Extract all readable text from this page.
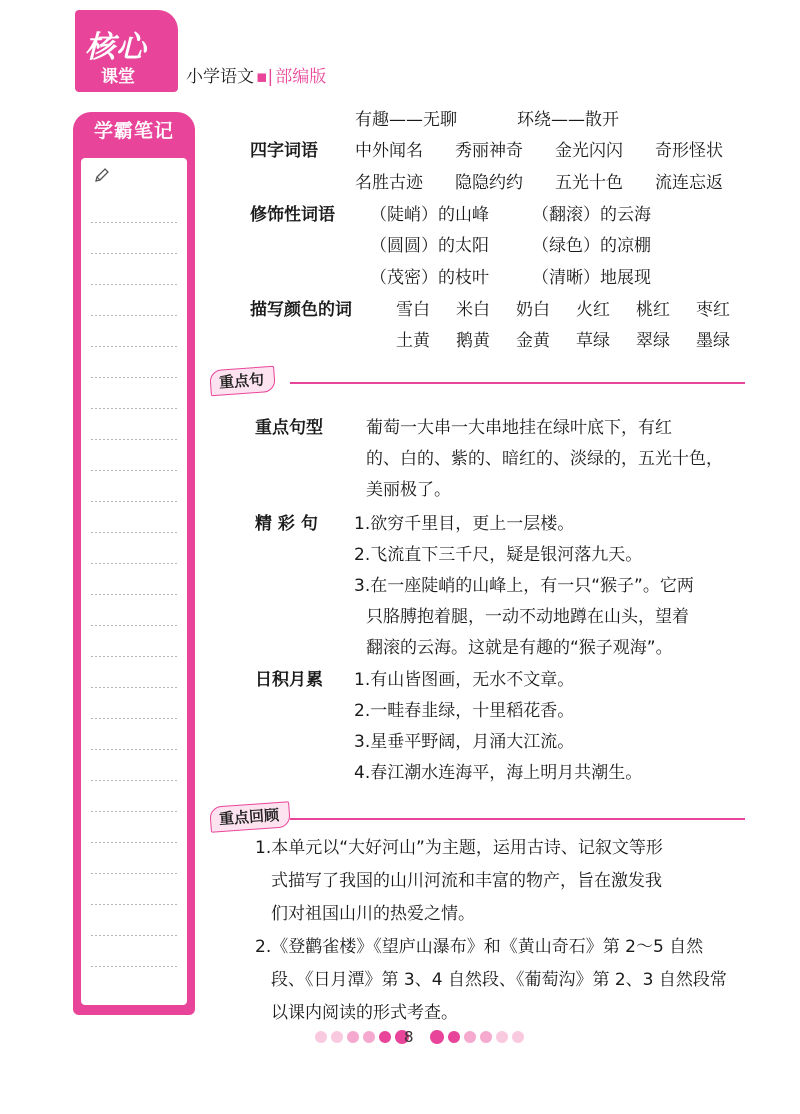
核心
课堂	小学语文 ▪| 部编版
学霸笔记	有趣——无聊	环绕——散开
四字词语 中外闻名 秀丽神奇 金光闪闪 奇形怪状
名胜古迹 隐隐约约 五光十色 流连忘返
修饰性词语 （陡峭）的山峰	（翻滚）的云海
（圆圆）的太阳	（绿色）的凉棚
（茂密）的枝叶	（清晰）地展现
描写颜色的词	雪白 米白 奶白 火红 桃红 枣红
土黄 鹅黄 金黄 草绿 翠绿 墨绿
重点句
重点句型	葡萄一大串一大串地挂在绿叶底下，有红
的、白的、紫的、暗红的、淡绿的，五光十色，
美丽极了。
精 彩 句 1.欲穷千里目，更上一层楼。
2.飞流直下三千尺，疑是银河落九天。
3.在一座陡峭的山峰上，有一只“猴子”。它两
只胳膊抱着腿，一动不动地蹲在山头，望着
翻滚的云海。这就是有趣的“猴子观海”。
日积月累 1.有山皆图画，无水不文章。
2.一畦春韭绿，十里稻花香。
3.星垂平野阔，月涌大江流。
4.春江潮水连海平，海上明月共潮生。
重点回顾
1.本单元以“大好河山”为主题，运用古诗、记叙文等形
式描写了我国的山川河流和丰富的物产，旨在激发我
们对祖国山川的热爱之情。
2.《登鹳雀楼》《望庐山瀑布》和《黄山奇石》第 2～5 自然
段、《日月潭》第 3、4 自然段、《葡萄沟》第 2、3 自然段常
以课内阅读的形式考查。
8
